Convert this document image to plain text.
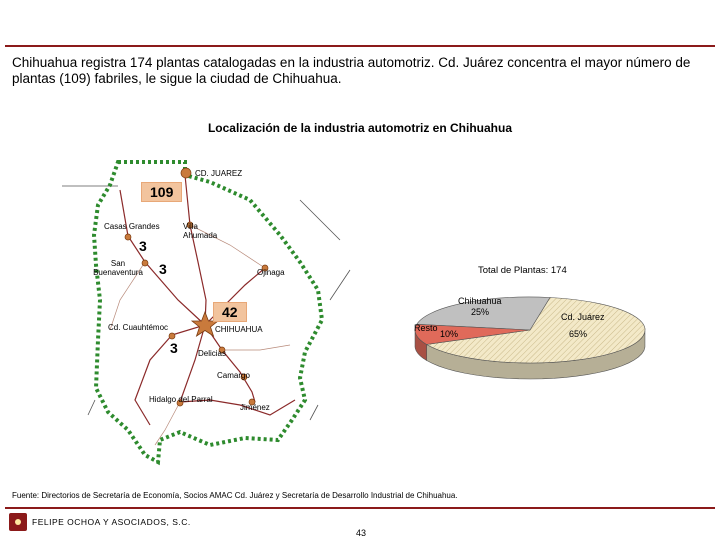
Chihuahua registra 174 plantas catalogadas en la industria automotriz. Cd. Juárez concentra el mayor número de plantas (109) fabriles, le sigue la ciudad de Chihuahua.
Localización de la industria automotriz en Chihuahua
CD. JUAREZ
Villa Ahumada
Casas Grandes
San Buenaventura	Ojinaga
Cd. Cuauhtémoc	CHIHUAHUA
Delicias
Camargo
Hidalgo del Parral
Jiménez
109
3
3
42
3
Total de Plantas: 174
Cd. Juárez
65%
Chihuahua
25%
Resto
10%
Fuente: Directorios de Secretaría de Economía, Socios AMAC Cd. Juárez y Secretaría de Desarrollo Industrial de Chihuahua.
FELIPE OCHOA Y ASOCIADOS, S.C.
43
